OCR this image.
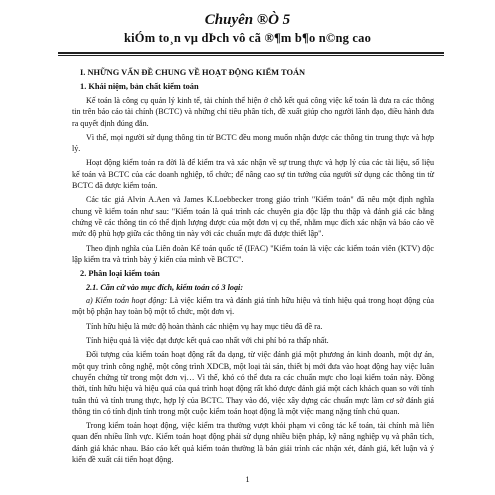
Chuyên ®Ò 5
kiÓm to¸n vµ dÞch vô cã ®¶m b¶o n©ng cao
I. NHỮNG VẤN ĐỀ CHUNG VỀ HOẠT ĐỘNG KIỂM TOÁN
1. Khái niệm, bản chất kiểm toán

Kế toán là công cụ quản lý kinh tế, tài chính thể hiện ở chỗ kết quả công việc kế toán là đưa ra các thông tin trên báo cáo tài chính (BCTC) và những chỉ tiêu phân tích, đề xuất giúp cho người lãnh đạo, điều hành đưa ra quyết định đúng đắn.

Vì thế, mọi người sử dụng thông tin từ BCTC đều mong muốn nhận được các thông tin trung thực và hợp lý.

Hoạt động kiểm toán ra đời là để kiểm tra và xác nhận về sự trung thực và hợp lý của các tài liệu, số liệu kế toán và BCTC của các doanh nghiệp, tổ chức; để nâng cao sự tin tưởng của người sử dụng các thông tin từ BCTC đã được kiểm toán.

Các tác giả Alvin A.Aen và James K.Loebbecker trong giáo trình "Kiểm toán" đã nêu một định nghĩa chung về kiểm toán như sau: "Kiểm toán là quá trình các chuyên gia độc lập thu thập và đánh giá các bằng chứng về các thông tin có thể định lượng được của một đơn vị cụ thể, nhằm mục đích xác nhận và báo cáo về mức độ phù hợp giữa các thông tin này với các chuẩn mực đã được thiết lập".

Theo định nghĩa của Liên đoàn Kế toán quốc tế (IFAC) "Kiểm toán là việc các kiểm toán viên (KTV) độc lập kiểm tra và trình bày ý kiến của mình về BCTC".

2. Phân loại kiểm toán
2.1. Căn cứ vào mục đích, kiểm toán có 3 loại:

a) Kiểm toán hoạt động: Là việc kiểm tra và đánh giá tính hữu hiệu và tính hiệu quả trong hoạt động của một bộ phận hay toàn bộ một tổ chức, một đơn vị.

Tính hữu hiệu là mức độ hoàn thành các nhiệm vụ hay mục tiêu đã đề ra.

Tính hiệu quả là việc đạt được kết quả cao nhất với chi phí bỏ ra thấp nhất.

Đối tượng của kiểm toán hoạt động rất đa dạng, từ việc đánh giá một phương án kinh doanh, một dự án, một quy trình công nghệ, một công trình XDCB, một loại tài sản, thiết bị mới đưa vào hoạt động hay việc luân chuyển chứng từ trong một đơn vị… Vì thế, khó có thể đưa ra các chuẩn mực cho loại kiểm toán này. Đồng thời, tính hữu hiệu và hiệu quả của quá trình hoạt động rất khó được đánh giá một cách khách quan so với tính tuân thủ và tính trung thực, hợp lý của BCTC. Thay vào đó, việc xây dựng các chuẩn mực làm cơ sở đánh giá thông tin có tính định tính trong một cuộc kiểm toán hoạt động là một việc mang nặng tính chủ quan.

Trong kiểm toán hoạt động, việc kiểm tra thường vượt khỏi phạm vi công tác kế toán, tài chính mà liên quan đến nhiều lĩnh vực. Kiểm toán hoạt động phải sử dụng nhiều biện pháp, kỹ năng nghiệp vụ và phân tích, đánh giá khác nhau. Báo cáo kết quả kiểm toán thường là bản giải trình các nhận xét, đánh giá, kết luận và ý kiến đề xuất cải tiến hoạt động.

1
